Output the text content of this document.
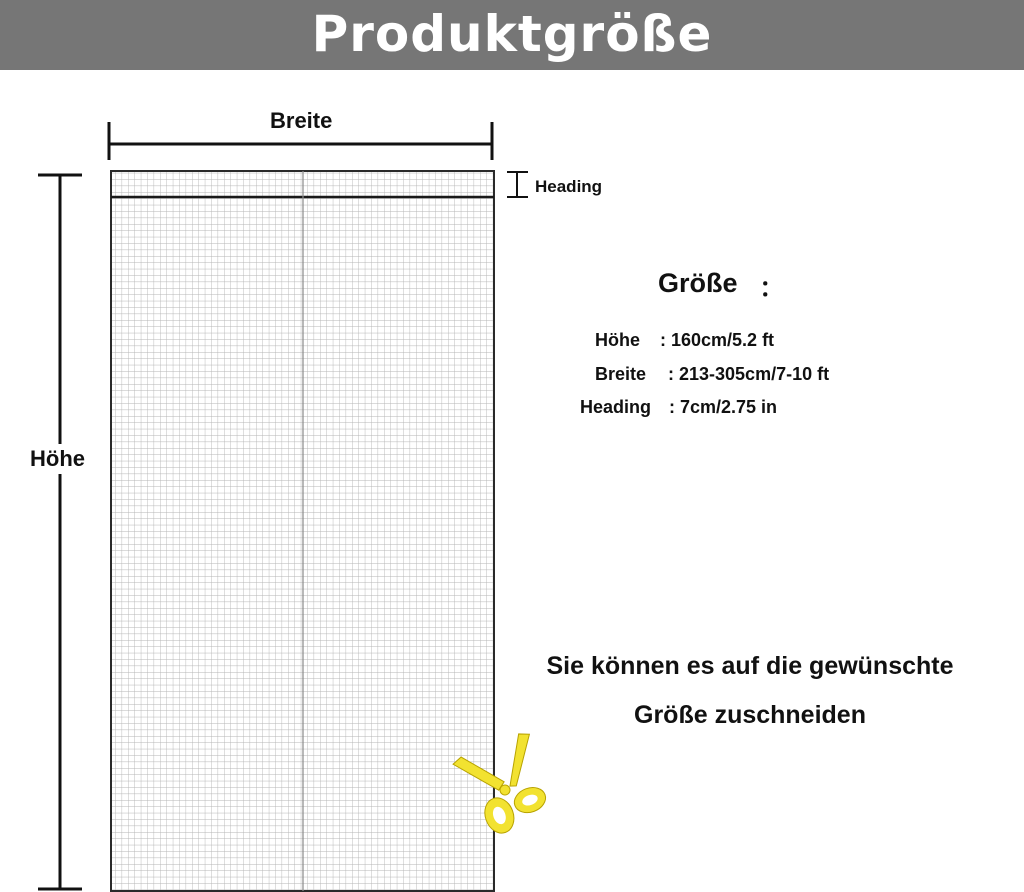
Produktgröße
Breite
Heading
Höhe
Größe ：
Höhe : 160cm/5.2 ft
Breite : 213-305cm/7-10 ft
Heading : 7cm/2.75 in
Sie können es auf die gewünschte
Größe zuschneiden
